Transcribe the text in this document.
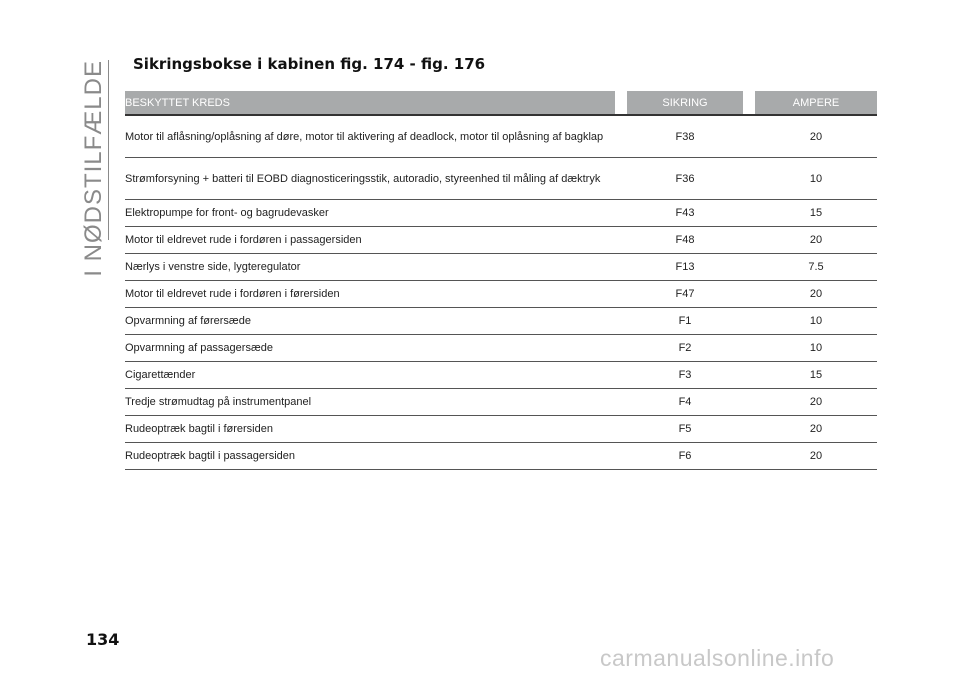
I NØDSTILFÆLDE Sikringsbokse i kabinen fig. 174 - fig. 176
BESKYTTET KREDS		SIKRING		AMPERE
Motor til aflåsning/oplåsning af døre, motor til aktivering af deadlock, motor til oplåsning af bagklap		F38		20
Strømforsyning + batteri til EOBD diagnosticeringsstik, autoradio, styreenhed til måling af dæktryk		F36		10
Elektropumpe for front- og bagrudevasker		F43		15
Motor til eldrevet rude i fordøren i passagersiden		F48		20
Nærlys i venstre side, lygteregulator		F13		7.5
Motor til eldrevet rude i fordøren i førersiden		F47		20
Opvarmning af førersæde		F1		10
Opvarmning af passagersæde		F2		10
Cigarettænder		F3		15
Tredje strømudtag på instrumentpanel		F4		20
Rudeoptræk bagtil i førersiden		F5		20
Rudeoptræk bagtil i passagersiden		F6		20
134
carmanualsonline.info
